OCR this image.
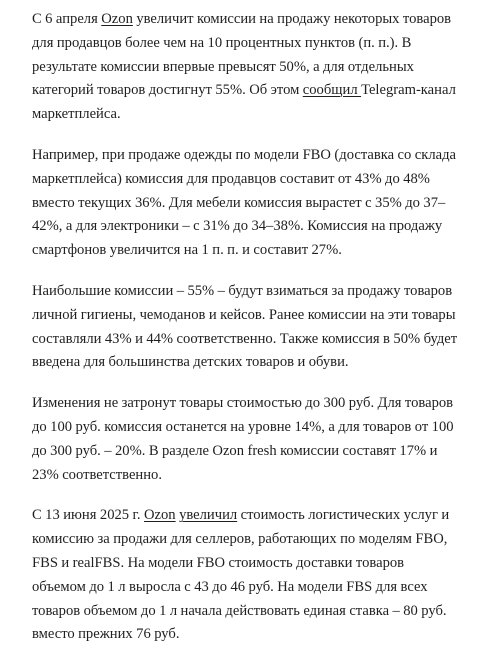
С 6 апреля Ozon увеличит комиссии на продажу некоторых товаров для продавцов более чем на 10 процентных пунктов (п. п.). В результате комиссии впервые превысят 50%, а для отдельных категорий товаров достигнут 55%. Об этом сообщил Telegram-канал маркетплейса.

Например, при продаже одежды по модели FBO (доставка со склада маркетплейса) комиссия для продавцов составит от 43% до 48% вместо текущих 36%. Для мебели комиссия вырастет с 35% до 37–42%, а для электроники – с 31% до 34–38%. Комиссия на продажу смартфонов увеличится на 1 п. п. и составит 27%.

Наибольшие комиссии – 55% – будут взиматься за продажу товаров личной гигиены, чемоданов и кейсов. Ранее комиссии на эти товары составляли 43% и 44% соответственно. Также комиссия в 50% будет введена для большинства детских товаров и обуви.

Изменения не затронут товары стоимостью до 300 руб. Для товаров до 100 руб. комиссия останется на уровне 14%, а для товаров от 100 до 300 руб. – 20%. В разделе Ozon fresh комиссии составят 17% и 23% соответственно.

С 13 июня 2025 г. Ozon увеличил стоимость логистических услуг и комиссию за продажи для селлеров, работающих по моделям FBO, FBS и realFBS. На модели FBO стоимость доставки товаров объемом до 1 л выросла с 43 до 46 руб. На модели FBS для всех товаров объемом до 1 л начала действовать единая ставка – 80 руб. вместо прежних 76 руб.
